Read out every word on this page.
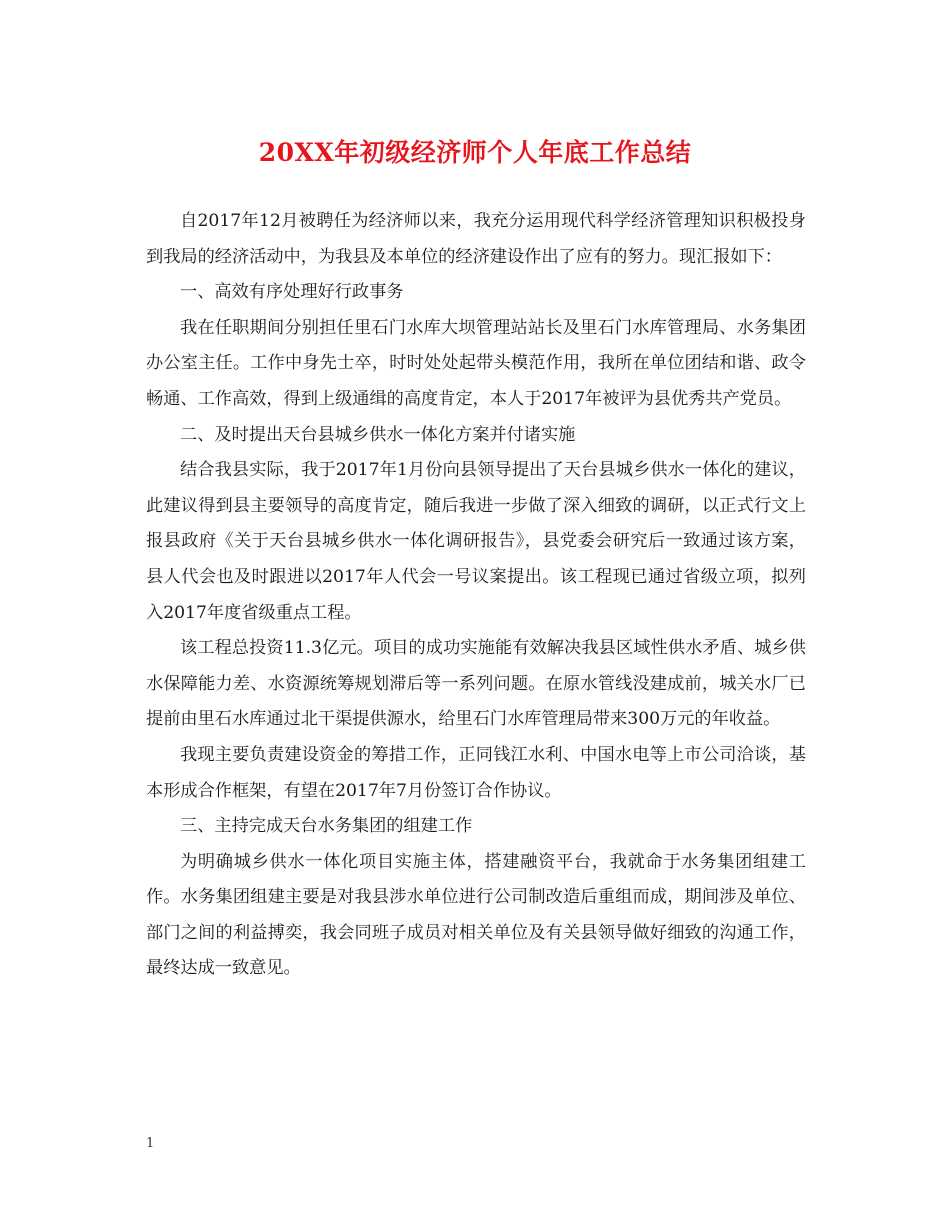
20XX年初级经济师个人年底工作总结

自2017年12月被聘任为经济师以来，我充分运用现代科学经济管理知识积极投身到我局的经济活动中，为我县及本单位的经济建设作出了应有的努力。现汇报如下：

一、高效有序处理好行政事务

我在任职期间分别担任里石门水库大坝管理站站长及里石门水库管理局、水务集团办公室主任。工作中身先士卒，时时处处起带头模范作用，我所在单位团结和谐、政令畅通、工作高效，得到上级通缉的高度肯定，本人于2017年被评为县优秀共产党员。

二、及时提出天台县城乡供水一体化方案并付诸实施

结合我县实际，我于2017年1月份向县领导提出了天台县城乡供水一体化的建议，此建议得到县主要领导的高度肯定，随后我进一步做了深入细致的调研，以正式行文上报县政府《关于天台县城乡供水一体化调研报告》，县党委会研究后一致通过该方案，县人代会也及时跟进以2017年人代会一号议案提出。该工程现已通过省级立项，拟列入2017年度省级重点工程。

该工程总投资11.3亿元。项目的成功实施能有效解决我县区域性供水矛盾、城乡供水保障能力差、水资源统筹规划滞后等一系列问题。在原水管线没建成前，城关水厂已提前由里石水库通过北干渠提供源水，给里石门水库管理局带来300万元的年收益。

我现主要负责建设资金的筹措工作，正同钱江水利、中国水电等上市公司洽谈，基本形成合作框架，有望在2017年7月份签订合作协议。

三、主持完成天台水务集团的组建工作

为明确城乡供水一体化项目实施主体，搭建融资平台，我就命于水务集团组建工作。水务集团组建主要是对我县涉水单位进行公司制改造后重组而成，期间涉及单位、部门之间的利益搏奕，我会同班子成员对相关单位及有关县领导做好细致的沟通工作，最终达成一致意见。

1
